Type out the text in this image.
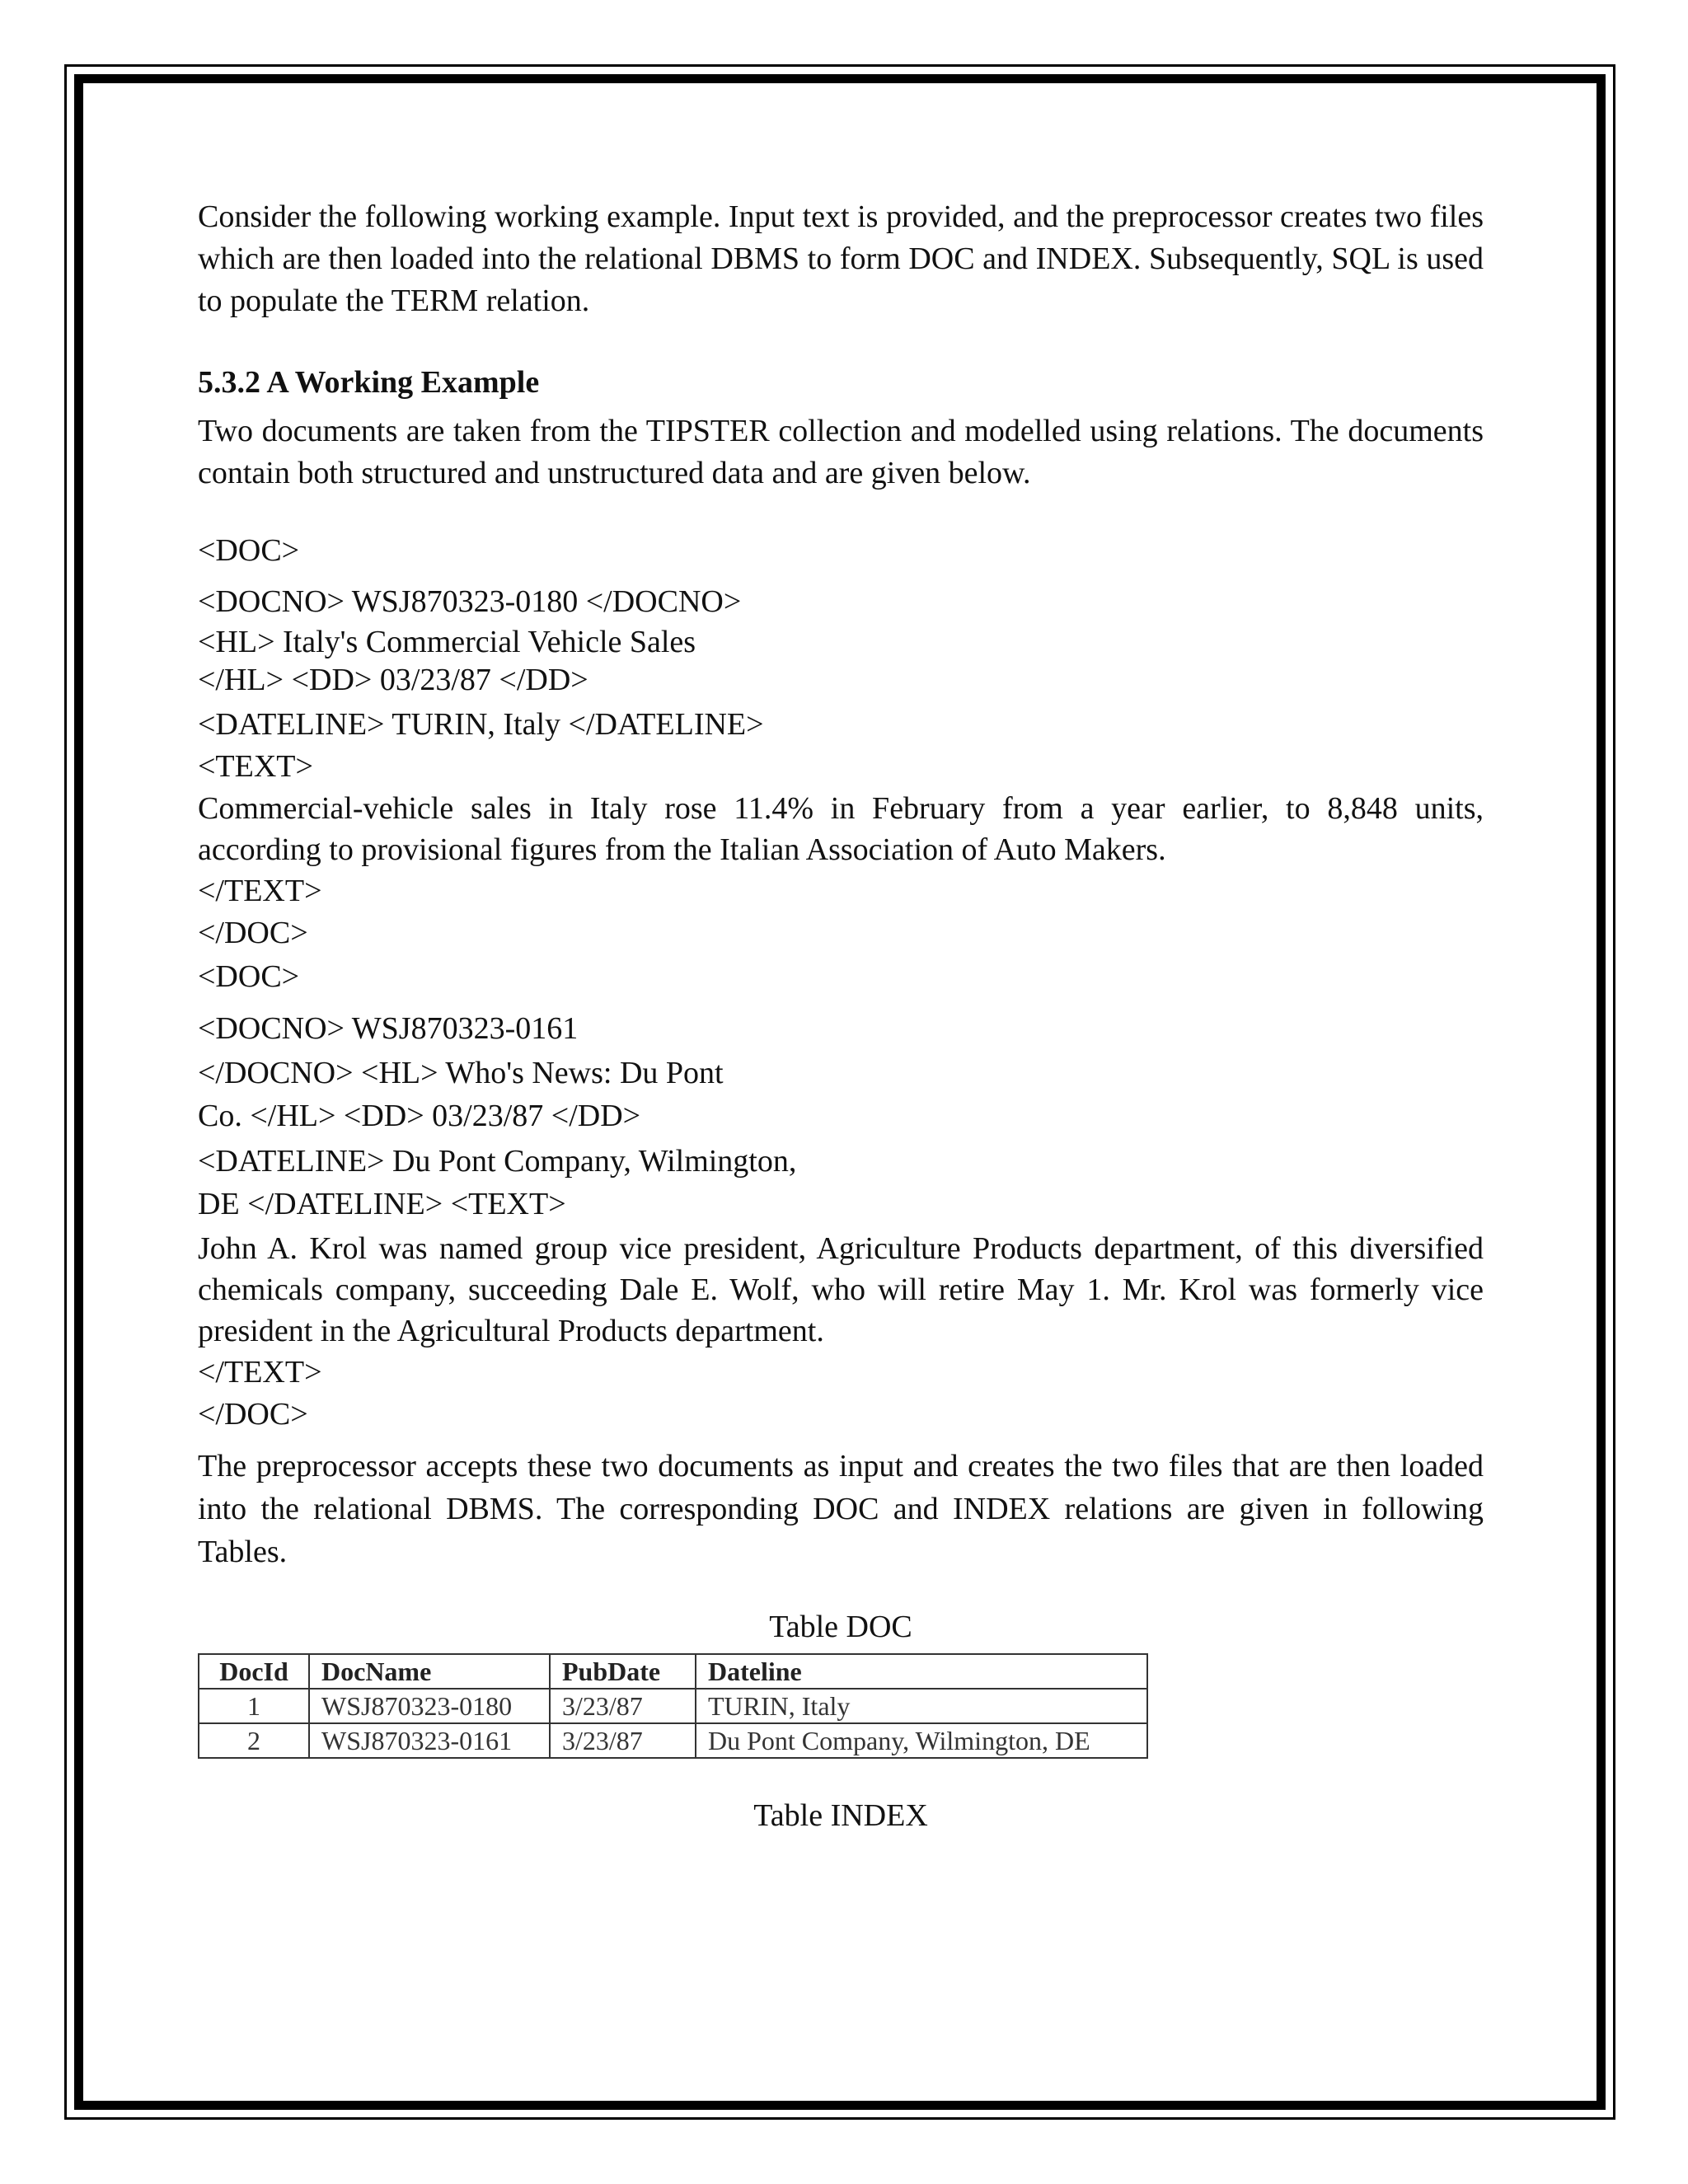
Consider the following working example. Input text is provided, and the preprocessor creates two files which are then loaded into the relational DBMS to form DOC and INDEX. Subsequently, SQL is used to populate the TERM relation.

5.3.2 A Working Example

Two documents are taken from the TIPSTER collection and modelled using relations. The documents contain both structured and unstructured data and are given below.

<DOC>

<DOCNO> WSJ870323-0180 </DOCNO>

<HL> Italy's Commercial Vehicle Sales

</HL> <DD> 03/23/87 </DD>

<DATELINE> TURIN, Italy </DATELINE>

<TEXT>

Commercial-vehicle sales in Italy rose 11.4% in February from a year earlier, to 8,848 units, according to provisional figures from the Italian Association of Auto Makers.

</TEXT>

</DOC>

<DOC>

<DOCNO> WSJ870323-0161

</DOCNO> <HL> Who's News: Du Pont

Co. </HL> <DD> 03/23/87 </DD>

<DATELINE> Du Pont Company, Wilmington,

DE </DATELINE> <TEXT>

John A. Krol was named group vice president, Agriculture Products department, of this diversified chemicals company, succeeding Dale E. Wolf, who will retire May 1. Mr. Krol was formerly vice president in the Agricultural Products department.

</TEXT>

</DOC>

The preprocessor accepts these two documents as input and creates the two files that are then loaded into the relational DBMS. The corresponding DOC and INDEX relations are given in following Tables.

Table DOC

DocId	DocName	PubDate	Dateline
1	WSJ870323-0180	3/23/87	TURIN, Italy
2	WSJ870323-0161	3/23/87	Du Pont Company, Wilmington, DE

Table INDEX
